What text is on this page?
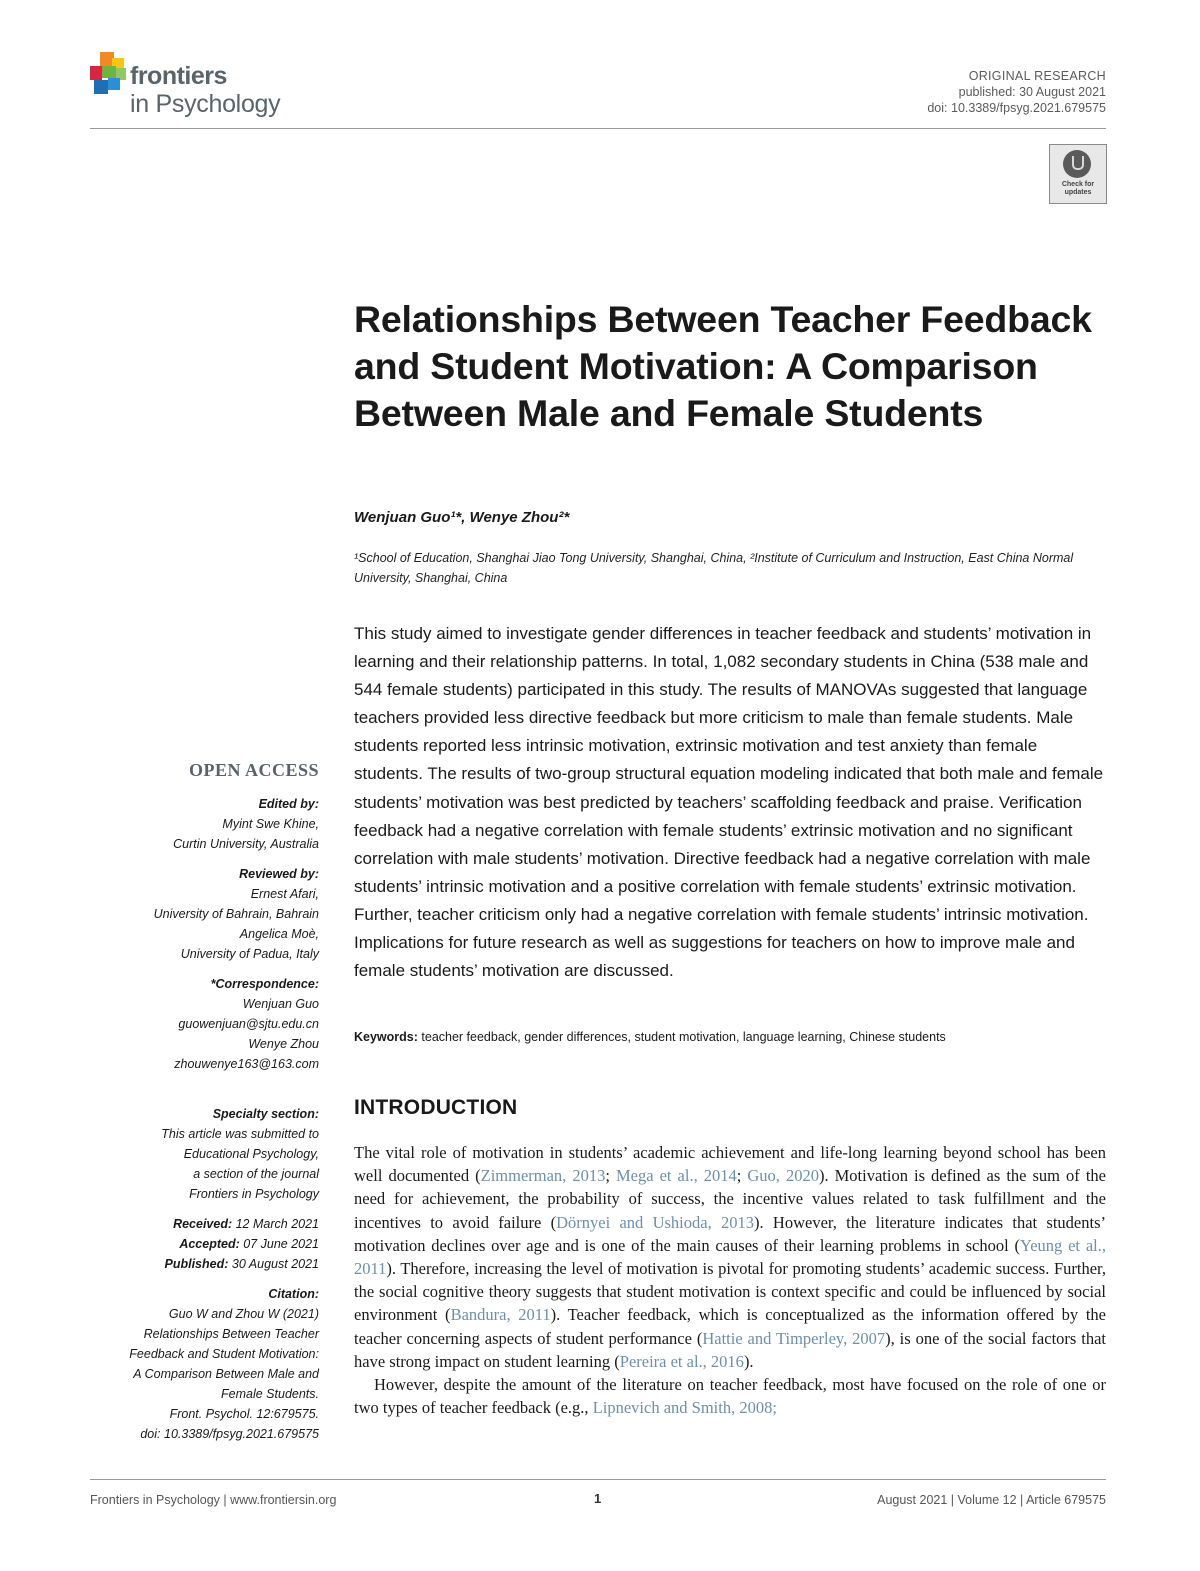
frontiers
in Psychology
ORIGINAL RESEARCH
published: 30 August 2021
doi: 10.3389/fpsyg.2021.679575
Check for updates
Relationships Between Teacher Feedback and Student Motivation: A Comparison Between Male and Female Students
Wenjuan Guo¹*, Wenye Zhou²*
¹School of Education, Shanghai Jiao Tong University, Shanghai, China, ²Institute of Curriculum and Instruction, East China Normal University, Shanghai, China
This study aimed to investigate gender differences in teacher feedback and students’ motivation in learning and their relationship patterns. In total, 1,082 secondary students in China (538 male and 544 female students) participated in this study. The results of MANOVAs suggested that language teachers provided less directive feedback but more criticism to male than female students. Male students reported less intrinsic motivation, extrinsic motivation and test anxiety than female students. The results of two-group structural equation modeling indicated that both male and female students’ motivation was best predicted by teachers’ scaffolding feedback and praise. Verification feedback had a negative correlation with female students’ extrinsic motivation and no significant correlation with male students’ motivation. Directive feedback had a negative correlation with male students’ intrinsic motivation and a positive correlation with female students’ extrinsic motivation. Further, teacher criticism only had a negative correlation with female students’ intrinsic motivation. Implications for future research as well as suggestions for teachers on how to improve male and female students’ motivation are discussed.
Keywords: teacher feedback, gender differences, student motivation, language learning, Chinese students
INTRODUCTION

The vital role of motivation in students’ academic achievement and life-long learning beyond school has been well documented (Zimmerman, 2013; Mega et al., 2014; Guo, 2020). Motivation is defined as the sum of the need for achievement, the probability of success, the incentive values related to task fulfillment and the incentives to avoid failure (Dörnyei and Ushioda, 2013). However, the literature indicates that students’ motivation declines over age and is one of the main causes of their learning problems in school (Yeung et al., 2011). Therefore, increasing the level of motivation is pivotal for promoting students’ academic success. Further, the social cognitive theory suggests that student motivation is context specific and could be influenced by social environment (Bandura, 2011). Teacher feedback, which is conceptualized as the information offered by the teacher concerning aspects of student performance (Hattie and Timperley, 2007), is one of the social factors that have strong impact on student learning (Pereira et al., 2016).

However, despite the amount of the literature on teacher feedback, most have focused on the role of one or two types of teacher feedback (e.g., Lipnevich and Smith, 2008;

OPEN ACCESS
Edited by:
Myint Swe Khine,
Curtin University, Australia
Reviewed by:
Ernest Afari,
University of Bahrain, Bahrain
Angelica Moè,
University of Padua, Italy
*Correspondence:
Wenjuan Guo
guowenjuan@sjtu.edu.cn
Wenye Zhou
zhouwenye163@163.com
Specialty section:
This article was submitted to
Educational Psychology,
a section of the journal
Frontiers in Psychology
Received: 12 March 2021
Accepted: 07 June 2021
Published: 30 August 2021
Citation:
Guo W and Zhou W (2021)
Relationships Between Teacher
Feedback and Student Motivation:
A Comparison Between Male and
Female Students.
Front. Psychol. 12:679575.
doi: 10.3389/fpsyg.2021.679575
Frontiers in Psychology | www.frontiersin.org	1	August 2021 | Volume 12 | Article 679575
